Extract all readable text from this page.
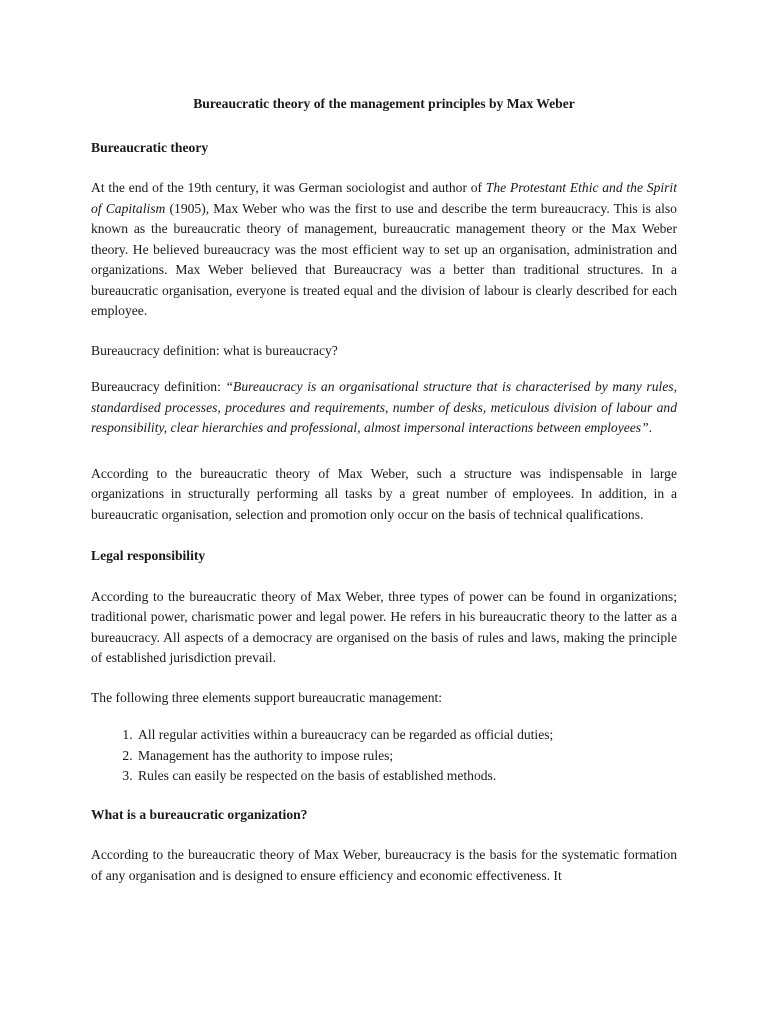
Bureaucratic theory of the management principles by Max Weber
Bureaucratic theory

At the end of the 19th century, it was German sociologist and author of The Protestant Ethic and the Spirit of Capitalism (1905), Max Weber who was the first to use and describe the term bureaucracy. This is also known as the bureaucratic theory of management, bureaucratic management theory or the Max Weber theory. He believed bureaucracy was the most efficient way to set up an organisation, administration and organizations. Max Weber believed that Bureaucracy was a better than traditional structures. In a bureaucratic organisation, everyone is treated equal and the division of labour is clearly described for each employee.

Bureaucracy definition: what is bureaucracy?

Bureaucracy definition: “Bureaucracy is an organisational structure that is characterised by many rules, standardised processes, procedures and requirements, number of desks, meticulous division of labour and responsibility, clear hierarchies and professional, almost impersonal interactions between employees”.

According to the bureaucratic theory of Max Weber, such a structure was indispensable in large organizations in structurally performing all tasks by a great number of employees. In addition, in a bureaucratic organisation, selection and promotion only occur on the basis of technical qualifications.

Legal responsibility

According to the bureaucratic theory of Max Weber, three types of power can be found in organizations; traditional power, charismatic power and legal power. He refers in his bureaucratic theory to the latter as a bureaucracy. All aspects of a democracy are organised on the basis of rules and laws, making the principle of established jurisdiction prevail.

The following three elements support bureaucratic management:

1. All regular activities within a bureaucracy can be regarded as official duties;
2. Management has the authority to impose rules;
3. Rules can easily be respected on the basis of established methods.
What is a bureaucratic organization?

According to the bureaucratic theory of Max Weber, bureaucracy is the basis for the systematic formation of any organisation and is designed to ensure efficiency and economic effectiveness. It
